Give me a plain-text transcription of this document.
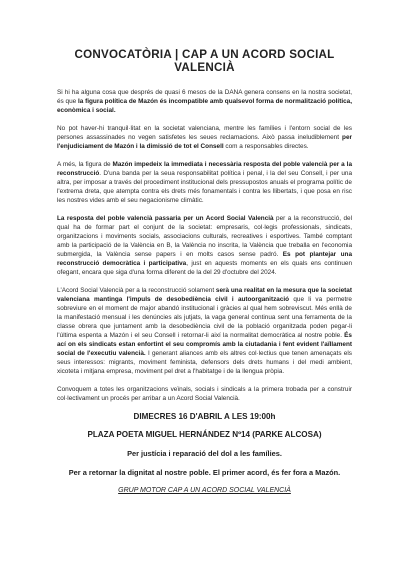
CONVOCATÒRIA | CAP A UN ACORD SOCIAL VALENCIÀ

Si hi ha alguna cosa que després de quasi 6 mesos de la DANA genera consens en la nostra societat, és que la figura política de Mazón és incompatible amb qualsevol forma de normalització política, econòmica i social.

No pot haver-hi tranquil·litat en la societat valenciana, mentre les famílies i l'entorn social de les persones assassinades no vegen satisfetes les seues reclamacions. Això passa ineludiblement per l'enjudiciament de Mazón i la dimissió de tot el Consell com a responsables directes.

A més, la figura de Mazón impedeix la immediata i necessària resposta del poble valencià per a la reconstrucció. D'una banda per la seua responsabilitat política i penal, i la del seu Consell, i per una altra, per imposar a través del procediment institucional dels pressupostos anuals el programa polític de l'extrema dreta, que atempta contra els drets més fonamentals i contra les llibertats, i que posa en risc les nostres vides amb el seu negacionisme climàtic.

La resposta del poble valencià passaria per un Acord Social Valencià per a la reconstrucció, del qual ha de formar part el conjunt de la societat: empresaris, col·legis professionals, sindicats, organitzacions i moviments socials, associacions culturals, recreatives i esportives. També comptant amb la participació de la València en B, la València no inscrita, la València que treballa en l'economia submergida, la València sense papers i en molts casos sense padró. Es pot plantejar una reconstrucció democràtica i participativa, just en aquests moments en els quals ens continuen ofegant, encara que siga d'una forma diferent de la del 29 d'octubre del 2024.

L'Acord Social Valencià per a la reconstrucció solament serà una realitat en la mesura que la societat valenciana mantinga l'impuls de desobediència civil i autoorganització que li va permetre sobreviure en el moment de major abandó institucional i gràcies al qual hem sobreviscut. Més enllà de la manifestació mensual i les denúncies als jutjats, la vaga general continua sent una ferramenta de la classe obrera que juntament amb la desobediència civil de la població organitzada poden pegar-li l'última espenta a Mazón i el seu Consell i retornar-li així la normalitat democràtica al nostre poble. És ací on els sindicats estan enfortint el seu compromís amb la ciutadania i fent evident l'aïllament social de l'executiu valencià. I generant aliances amb els altres col·lectius que tenen amenaçats els seus interessos: migrants, moviment feminista, defensors dels drets humans i del medi ambient, xicoteta i mitjana empresa, moviment pel dret a l'habitatge i de la llengua pròpia.

Convoquem a totes les organitzacions veïnals, socials i sindicals a la primera trobada per a construir col·lectivament un procés per arribar a un Acord Social Valencià.

DIMECRES 16 D'ABRIL A LES 19:00h
PLAZA POETA MIGUEL HERNÁNDEZ Nº14 (PARKE ALCOSA)
Per justícia i reparació del dol a les famílies.
Per a retornar la dignitat al nostre poble. El primer acord, és fer fora a Mazón.
GRUP MOTOR CAP A UN ACORD SOCIAL VALENCIÀ
